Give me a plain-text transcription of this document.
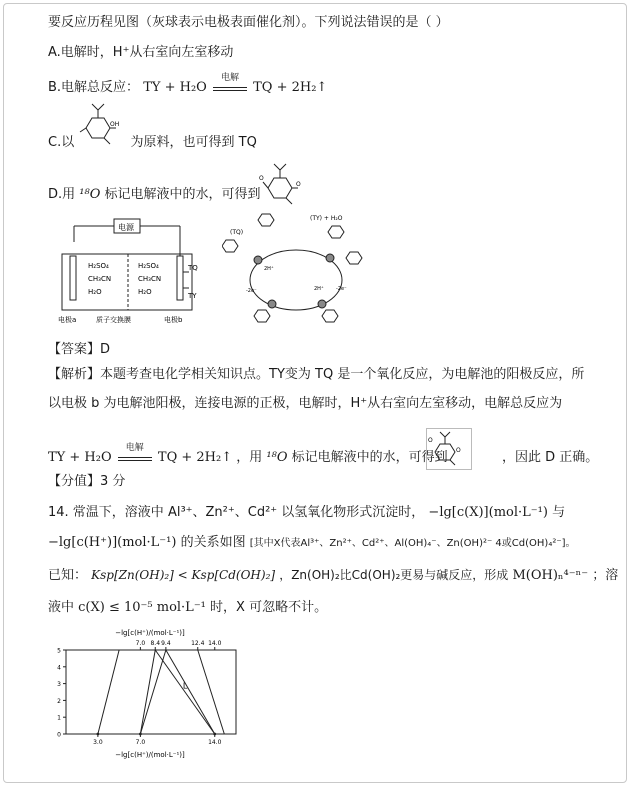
要反应历程见图（灰球表示电极表面催化剂）。下列说法错误的是（ ）
A.电解时，H⁺从右室向左室移动
B.电解总反应： TY + H₂O
电解
TQ + 2H₂↑
C.以	为原料，也可得到 TQ
OH
D.用 ¹⁸O 标记电解液中的水，可得到
O
O
电源
H₂SO₄
CH₃CN
H₂O
H₂SO₄
CH₃CN
H₂O
TQ
TY
电极a	质子交换膜	电极b
(TY) + H₂O
(TQ)
2H⁺
-2e⁻	2H⁺ -2e⁻
【答案】D
【解析】本题考查电化学相关知识点。TY变为 TQ 是一个氧化反应，为电解池的阳极反应，所
以电极 b 为电解池阳极，连接电源的正极，电解时，H⁺从右室向左室移动，电解总反应为
TY + H₂O
电解
TQ + 2H₂↑ ，用 ¹⁸O 标记电解液中的水，可得到	，因此 D 正确。
O
O
【分值】3 分
14. 常温下，溶液中 Al³⁺、Zn²⁺、Cd²⁺ 以氢氧化物形式沉淀时， −lg[c(X)](mol·L⁻¹) 与
−lg[c(H⁺)](mol·L⁻¹) 的关系如图 [其中X代表Al³⁺、Zn²⁺、Cd²⁺、Al(OH)₄⁻、Zn(OH)²⁻ 4或Cd(OH)₄²⁻]。
已知： Ksp[Zn(OH)₂] < Ksp[Cd(OH)₂] ，Zn(OH)₂比Cd(OH)₂更易与碱反应，形成 M(OH)ₙ⁴⁻ⁿ⁻ ；溶
液中 c(X) ≤ 10⁻⁵ mol·L⁻¹ 时，X 可忽略不计。
−lg[c(H⁺)/(mol·L⁻¹)]
−lg[c(H⁺)/(mol·L⁻¹)]
0
1
2
3
4
5
3.0	7.0	14.0
7.0 8.4 9.4	12.4 14.0
L
